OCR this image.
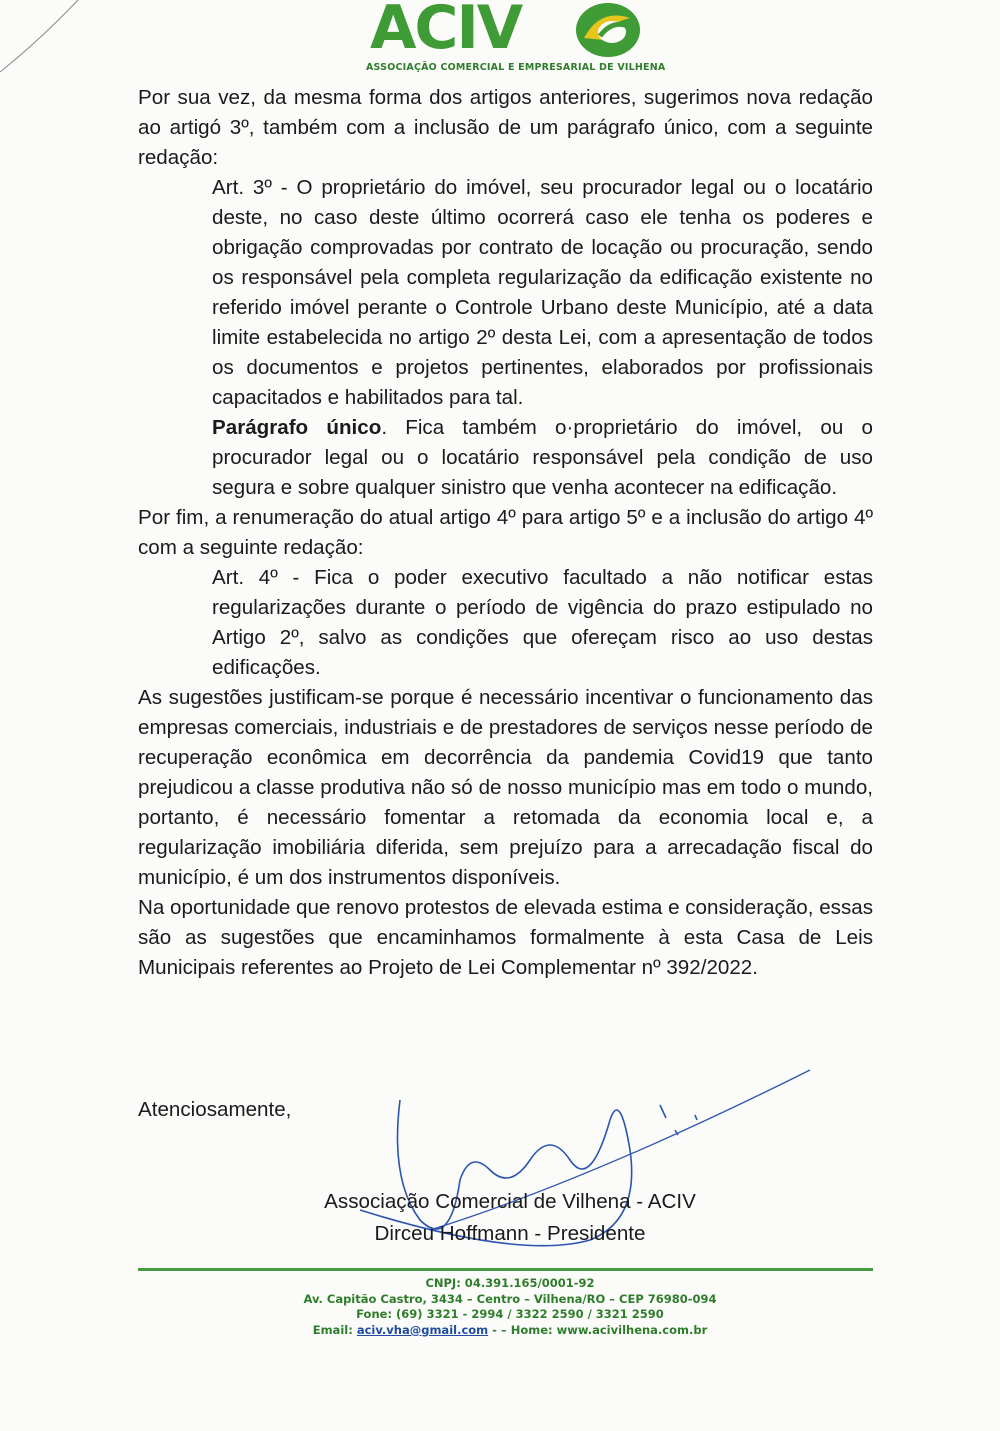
ACIV
ASSOCIAÇÃO COMERCIAL E EMPRESARIAL DE VILHENA

Por sua vez, da mesma forma dos artigos anteriores, sugerimos nova redação ao artigó 3º, também com a inclusão de um parágrafo único, com a seguinte redação:

Art. 3º - O proprietário do imóvel, seu procurador legal ou o locatário deste, no caso deste último ocorrerá caso ele tenha os poderes e obrigação comprovadas por contrato de locação ou procuração, sendo os responsável pela completa regularização da edificação existente no referido imóvel perante o Controle Urbano deste Município, até a data limite estabelecida no artigo 2º desta Lei, com a apresentação de todos os documentos e projetos pertinentes, elaborados por profissionais capacitados e habilitados para tal.

Parágrafo único. Fica também o·proprietário do imóvel, ou o procurador legal ou o locatário responsável pela condição de uso segura e sobre qualquer sinistro que venha acontecer na edificação.

Por fim, a renumeração do atual artigo 4º para artigo 5º e a inclusão do artigo 4º com a seguinte redação:

Art. 4º - Fica o poder executivo facultado a não notificar estas regularizações durante o período de vigência do prazo estipulado no Artigo 2º, salvo as condições que ofereçam risco ao uso destas edificações.

As sugestões justificam-se porque é necessário incentivar o funcionamento das empresas comerciais, industriais e de prestadores de serviços nesse período de recuperação econômica em decorrência da pandemia Covid19 que tanto prejudicou a classe produtiva não só de nosso município mas em todo o mundo, portanto, é necessário fomentar a retomada da economia local e, a regularização imobiliária diferida, sem prejuízo para a arrecadação fiscal do município, é um dos instrumentos disponíveis.

Na oportunidade que renovo protestos de elevada estima e consideração, essas são as sugestões que encaminhamos formalmente à esta Casa de Leis Municipais referentes ao Projeto de Lei Complementar nº 392/2022.

Atenciosamente,
Associação Comercial de Vilhena - ACIV
Dirceu Hoffmann - Presidente
CNPJ: 04.391.165/0001-92
Av. Capitão Castro, 3434 – Centro – Vilhena/RO – CEP 76980-094
Fone: (69) 3321 - 2994 / 3322 2590 / 3321 2590
Email: aciv.vha@gmail.com - – Home: www.acivilhena.com.br
